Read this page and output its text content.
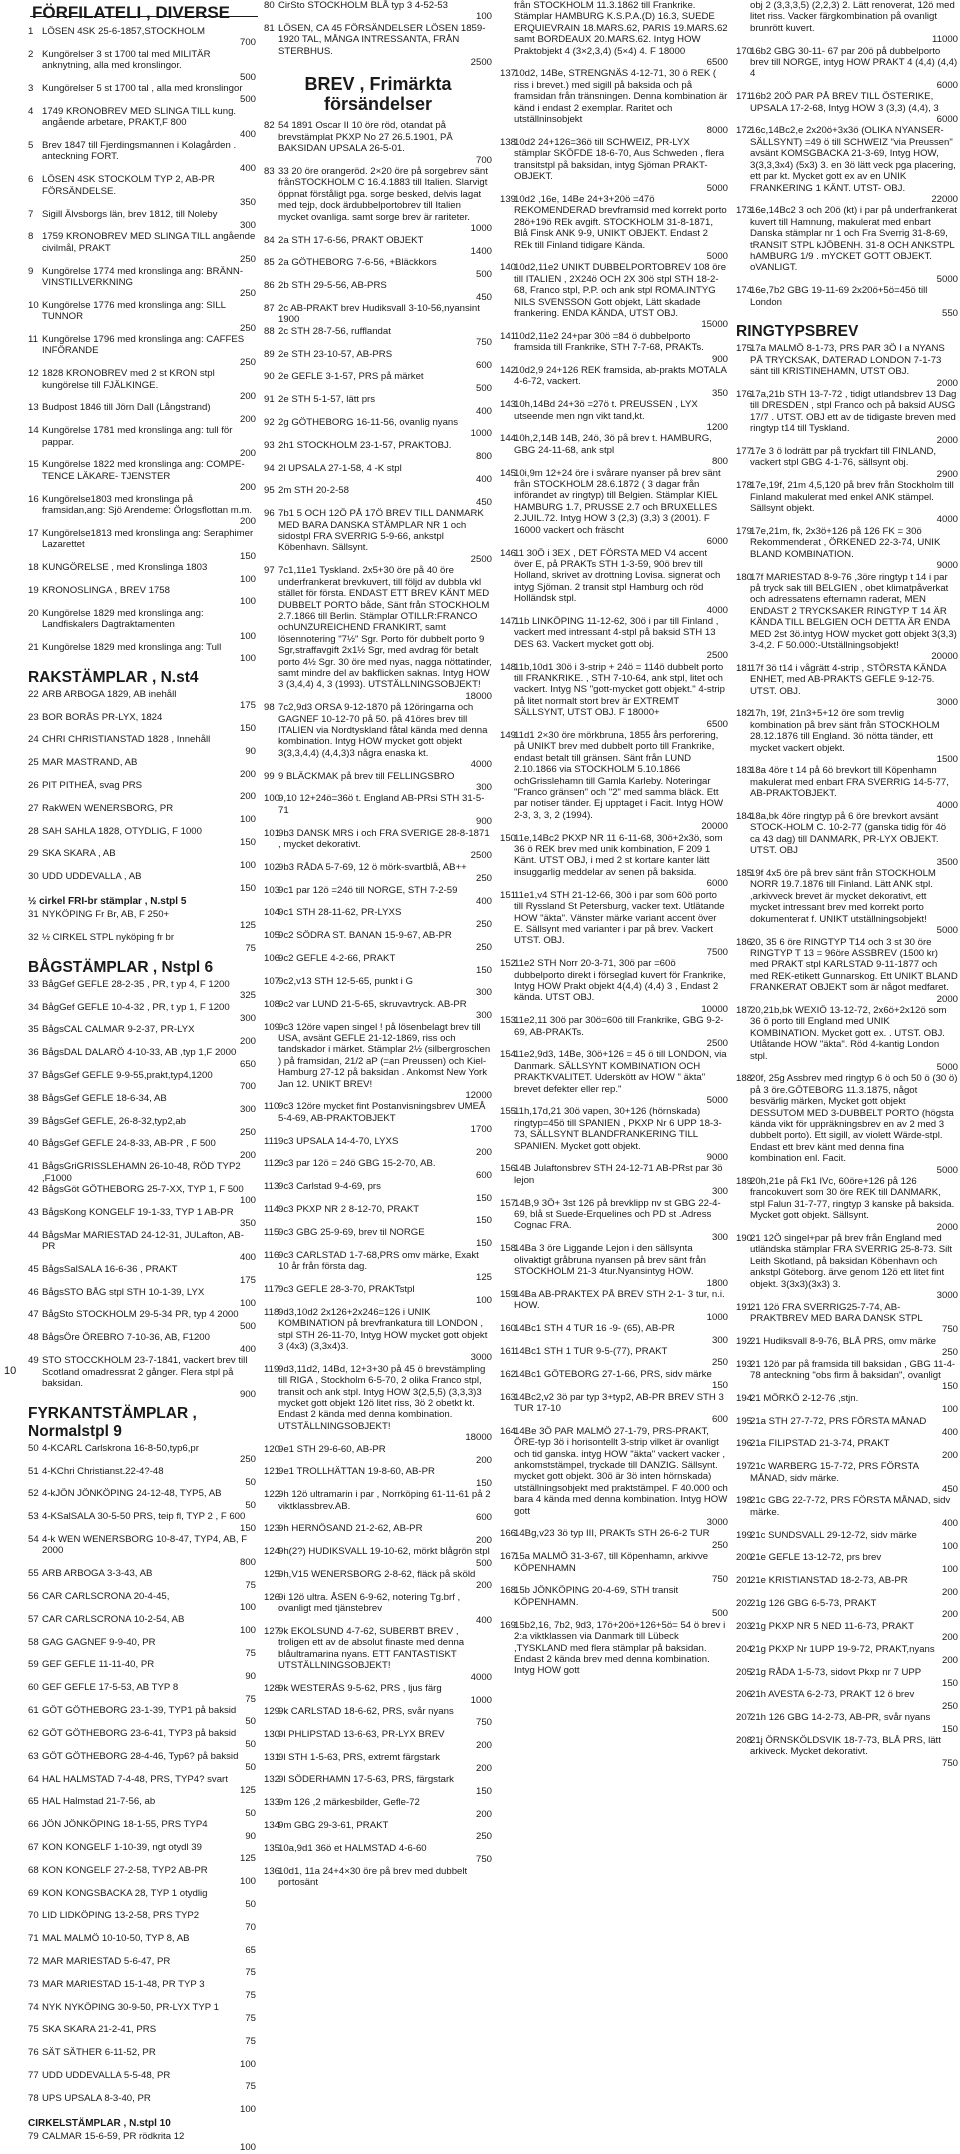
FÖRFILATELI , DIVERSE
1 LÖSEN 4SK 25-6-1857,STOCKHOLM
700
2 Kungörelser 3 st 1700 tal med MILITÄR anknytning, alla med kronslingor.
500
3 Kungörelser 5 st 1700 tal , alla med kronslingor
500
4 1749 KRONOBREV MED SLINGA TILL kung. angående arbetare, PRAKT,F 800
400
5 Brev 1847 till Fjerdingsmannen i Kolagården . anteckning FORT.
400
6 LÖSEN 4SK STOCKOLM TYP 2, AB-PR FÖRSÄNDELSE.
350
7 Sigill Älvsborgs län, brev 1812, till Noleby
300
8 1759 KRONOBREV MED SLINGA TILL angående civilmål, PRAKT
250
9 Kungörelse 1774 med kronslinga ang: BRÄNN-VINSTILLVERKNING
250
10 Kungörelse 1776 med kronslinga ang: SILL TUNNOR
250
11 Kungörelse 1796 med kronslinga ang: CAFFES INFÖRANDE
250
12 1828 KRONOBREV med 2 st KRON stpl kungörelse till FJÄLKINGE.
200
13 Budpost 1846 till Jörn Dall (Långstrand)
200
14 Kungörelse 1781 med kronslinga ang: tull för pappar.
200
15 Kungörelse 1822 med kronslinga ang: COMPE-TENCE LÄKARE- TJENSTER
200
16 Kungörelse1803 med kronslinga på framsidan,ang: Sjö Arendeme: Örlogsflottan m.m.
200
17 Kungörelse1813 med kronslinga ang: Seraphimer Lazarettet
150
18 KUNGÖRELSE , med Kronslinga 1803
100
19 KRONOSLINGA , BREV 1758
100
20 Kungörelse 1829 med kronslinga ang: Landfiskalers Dagtraktamenten
100
21 Kungörelse 1829 med kronslinga ang: Tull
100
RAKSTÄMPLAR , N.st4
22 ARB ARBOGA 1829, AB inehåll
175
23 BOR BORÅS PR-LYX, 1824
150
24 CHRI CHRISTIANSTAD 1828 , Innehåll
90
25 MAR MASTRAND, AB
200
26 PIT PITHEÅ, svag PRS
200
27 RakWEN WENERSBORG, PR
100
28 SAH SAHLA 1828, OTYDLIG, F 1000
150
29 SKA SKARA , AB
100
30 UDD UDDEVALLA , AB
150
½ cirkel FRI-br stämplar , N.stpl 5
31 NYKÖPING Fr Br, AB, F 250+
125
32 ½ CIRKEL STPL nyköping fr br
75
BÅGSTÄMPLAR , Nstpl 6
33 BågGef GEFLE 28-2-35 , PR, t yp 4, F 1200
325
34 BågGef GEFLE 10-4-32 , PR, t yp 1, F 1200
300
35 BågsCAL CALMAR 9-2-37, PR-LYX
200
36 BågsDAL DALARÖ 4-10-33, AB ,typ 1,F 2000
650
37 BågsGef GEFLE 9-9-55,prakt,typ4,1200
700
38 BågsGef GEFLE 18-6-34, AB
300
39 BågsGef GEFLE, 26-8-32,typ2,ab
250
40 BågsGef GEFLE 24-8-33, AB-PR , F 500
200
41 BågsGriGRISSLEHAMN 26-10-48, RÖD TYP2 ,F1000
42 BågsGöt GÖTHEBORG 25-7-XX, TYP 1, F 500
100
43 BågsKong KONGELF 19-1-33, TYP 1 AB-PR
350
44 BågsMar MARIESTAD 24-12-31, JULafton, AB-PR
400
45 BågsSalSALA 16-6-36 , PRAKT
175
46 BågsSTO BÅG stpl STH 10-1-39, LYX
100
47 BågSto STOCKHOLM 29-5-34 PR, typ 4 2000
500
48 BågsÖre ÖREBRO 7-10-36, AB, F1200
400
49 STO STOCCKHOLM 23-7-1841, vackert brev till Scotland omadressrat 2 gånger. Flera stpl på baksidan.
900
FYRKANTSTÄMPLAR , Normalstpl 9
50 4-KCARL Carlskrona 16-8-50,typ6,pr
250
51 4-KChri Christianst.22-4?-48
50
52 4-kJÖN JÖNKÖPING 24-12-48, TYP5, AB
50
53 4-KSalSALA 30-5-50 PRS, teip fl, TYP 2 , F 600
150
54 4-k WEN WENERSBORG 10-8-47, TYP4, AB, F 2000
800
55 ARB ARBOGA 3-3-43, AB
75
56 CAR CARLSCRONA 20-4-45,
100
57 CAR CARLSCRONA 10-2-54, AB
100
58 GAG GAGNEF 9-9-40, PR
75
59 GEF GEFLE 11-11-40, PR
90
60 GEF GEFLE 17-5-53, AB TYP 8
75
61 GÖT GÖTHEBORG 23-1-39, TYP1 på baksid
50
62 GÖT GÖTHEBORG 23-6-41, TYP3 på baksid
50
63 GÖT GÖTHEBORG 28-4-46, Typ6? på baksid
50
64 HAL HALMSTAD 7-4-48, PRS, TYP4? svart
125
65 HAL Halmstad 21-7-56, ab
50
66 JÖN JÖNKÖPING 18-1-55, PRS TYP4
90
67 KON KONGELF 1-10-39, ngt otydl 39
125
68 KON KONGELF 27-2-58, TYP2 AB-PR
100
69 KON KONGSBACKA 28, TYP 1 otydlig
50
70 LID LIDKÖPING 13-2-58, PRS TYP2
70
71 MAL MALMÖ 10-10-50, TYP 8, AB
65
72 MAR MARIESTAD 5-6-47, PR
75
73 MAR MARIESTAD 15-1-48, PR TYP 3
75
74 NYK NYKÖPING 30-9-50, PR-LYX TYP 1
75
75 SKA SKARA 21-2-41, PRS
75
76 SÄT SÄTHER 6-11-52, PR
100
77 UDD UDDEVALLA 5-5-48, PR
75
78 UPS UPSALA 8-3-40, PR
100
CIRKELSTÄMPLAR , N.stpl 10
79 CALMAR 15-6-59, PR rödkrita 12
100
80 CirSto STOCKHOLM BLÅ typ 3 4-52-53
100
81 LÖSEN, CA 45 FÖRSÄNDELSER LÖSEN 1859-1920 TAL, MÅNGA INTRESSANTA, FRÅN STERBHUS.
2500
BREV , Frimärkta försändelser
82 54 1891 Oscar II 10 öre röd, otandat på brevstämplat PKXP No 27 26.5.1901, PÅ BAKSIDAN UPSALA 26-5-01.
700
83 33 20 öre orangeröd. 2×20 öre på sorgebrev sänt frånSTOCKHOLM C 16.4.1883 till Italien. Slarvigt öppnat förståligt pga. sorge besked, delvis lagat med tejp, dock ärdubbelportobrev till Italien mycket ovanliga. samt sorge brev är rariteter.
1000
84 2a STH 17-6-56, PRAKT OBJEKT
1400
85 2a GÖTHEBORG 7-6-56, +Bläckkors
500
86 2b STH 29-5-56, AB-PRS
450
87 2c AB-PRAKT brev Hudiksvall 3-10-56,nyansint 1900
88 2c STH 28-7-56, rufflandat
750
89 2e STH 23-10-57, AB-PRS
600
90 2e GEFLE 3-1-57, PRS på märket
500
91 2e STH 5-1-57, lätt prs
400
92 2g GÖTHEBORG 16-11-56, ovanlig nyans
1000
93 2h1 STOCKHOLM 23-1-57, PRAKTOBJ.
800
94 2l UPSALA 27-1-58, 4 -K stpl
400
95 2m STH 20-2-58
450
96 7b1 5 OCH 12Ö PÅ 17Ö BREV TILL DANMARK MED BARA DANSKA STÄMPLAR NR 1 och sidostpl FRA SVERRIG 5-9-66, ankstpl Köbenhavn. Sällsynt.
2500
97 7c1,11e1 Tyskland. 2x5+30 öre på 40 öre underfrankerat brevkuvert, till följd av dubbla vkl stället för första. ENDAST ETT BREV KÄNT MED DUBBELT PORTO både, Sänt från STOCKHOLM 2.7.1866 till Berlin. Stämplar OTILLR:FRANCO ochUNZUREICHEND FRANKIRT, samt lösennotering "7½" Sgr. Porto för dubbelt porto 9 Sgr,straffavgift 2x1½ Sgr, med avdrag för betalt porto 4½ Sgr. 30 öre med nyas, nagga nöttatinder, samt mindre del av bakflicken saknas. Intyg HOW 3 (3,4,4) 4, 3 (1993). UTSTÄLLNINGSOBJEKT!
18000
98 7c2,9d3 ORSA 9-12-1870 på 12öringarna och GAGNEF 10-12-70 på 50. på 41öres brev till ITALIEN via Nordtyskland fåtal kända med denna kombination. Intyg HOW mycket gott objekt 3(3,3,4,4) (4,4,3)3 några enaska kt.
4000
99 9 BLÄCKMAK på brev till FELLINGSBRO
300
100
9,10 12+24ö=36ö t. England AB-PRsi STH 31-5-71
900
101
9b3 DANSK MRS i och FRA SVERIGE 28-8-1871 , mycket dekorativt.
2500
102
9b3 RÅDA 5-7-69, 12 ö mörk-svartblå, AB++
250
103
9c1 par 12ö =24ö till NORGE, STH 7-2-59
400
104
9c1 STH 28-11-62, PR-LYXS
250
105
9c2 SÖDRA ST. BANAN 15-9-67, AB-PR
250
106
9c2 GEFLE 4-2-66, PRAKT
150
107
9c2,v13 STH 12-5-65, punkt i G
300
108
9c2 var LUND 21-5-65, skruvavtryck. AB-PR
300
109
9c3 12öre vapen singel ! på lösenbelagt brev till USA, avsänt GEFLE 21-12-1869, riss och tandskador i märket. Stämplar 2½ (silbergroschen ) på framsidan, 21/2 aP (=an Preussen) och Kiel-Hamburg 27-12 på baksidan . Ankomst New York Jan 12. UNIKT BREV!
12000
110
9c3 12öre mycket fint Postanvisningsbrev UMEÅ 5-4-69, AB-PRAKTOBJEKT
1700
111 9c3 UPSALA 14-4-70, LYXS
200
112
9c3 par 12ö = 24ö GBG 15-2-70, AB.
600
113
9c3 Carlstad 9-4-69, prs
150
114
9c3 PKXP NR 2 8-12-70, PRAKT
150
115
9c3 GBG 25-9-69, brev til NORGE
150
116
9c3 CARLSTAD 1-7-68,PRS omv märke, Exakt 10 år från första dag.
125
117
9c3 GEFLE 28-3-70, PRAKTstpl
100
118
9d3,10d2 2x126+2x246=126 i UNIK KOMBINATION på brevfrankatura till LONDON , stpl STH 26-11-70, Intyg HOW mycket gott objekt 3 (4x3) (3,3x4)3.
3000
119
9d3,11d2, 14Bd, 12+3+30 på 45 ö brevstämpling till RIGA , Stockholm 6-5-70, 2 olika Franco stpl, transit och ank stpl. Intyg HOW 3(2,5,5) (3,3,3)3 mycket gott objekt 12ö litet riss, 3ö 2 obetkt kt. Endast 2 kända med denna kombination. UTSTÄLLNINGSOBJEKT!
18000
120
9e1 STH 29-6-60, AB-PR
200
121
9e1 TROLLHÄTTAN 19-8-60, AB-PR
150
122
9h 12ö ultramarin i par , Norrköping 61-11-61 på 2 viktklassbrev.AB.
600
123
9h HERNÖSAND 21-2-62, AB-PR
200
124
9h(2?) HUDIKSVALL 19-10-62, mörkt blågrön stpl
500
125
9h,V15 WENERSBORG 2-8-62, fläck på sköld
200
126
9i 12ö ultra. ÅSEN 6-9-62, notering Tg.brf , ovanligt med tjänstebrev
400
127
9k EKOLSUND 4-7-62, SUBERBT BREV , troligen ett av de absolut finaste med denna blåultramarina nyans. ETT FANTASTISKT UTSTÄLLNINGSOBJEKT!
4000
128
9k WESTERÅS 9-5-62, PRS , ljus färg
1000
129
9k CARLSTAD 18-6-62, PRS, svår nyans
750
130
9l PHLIPSTAD 13-6-63, PR-LYX BREV
200
131
9l STH 1-5-63, PRS, extremt färgstark
200
132
9l SÖDERHAMN 17-5-63, PRS, färgstark
150
133
9m 126 ,2 märkesbilder, Gefle-72
200
134
9m GBG 29-3-61, PRAKT
250
135
10a,9d1 36ö et HALMSTAD 4-6-60
750
136
10d1, 11a 24+4×30 öre på brev med dubbelt portosänt
från STOCKHOLM 11.3.1862 till Frankrike. Stämplar HAMBURG K.S.P.A.(D) 16.3, SUEDE ERQUIEVRAIN 18.MARS.62, PARIS 19.MARS.62 samt BORDEAUX 20.MARS.62. Intyg HOW Praktobjekt 4 (3×2,3,4) (5×4) 4. F 18000
6500
137
10d2, 14Be, STRENGNÄS 4-12-71, 30 ö REK ( riss i brevet.) med sigill på baksida och på framsidan från tränsningen. Denna kombination är känd i endast 2 exemplar. Raritet och utställninsobjekt
8000
138
10d2 24+126=36ö till SCHWEIZ, PR-LYX stämplar SKÖFDE 18-6-70, Aus Schweden , flera transitstpl på baksidan, intyg Sjöman PRAKT-OBJEKT.
5000
139
10d2 ,16e, 14Be 24+3+20ö =47ö REKOMENDERAD brevframsid med korrekt porto 28ö+19ö REk avgift. STOCKHOLM 31-8-1871, Blå Finsk ANK 9-9, UNIKT OBJEKT. Endast 2 REk till Finland tidigare Kända.
5000
140
10d2,11e2 UNIKT DUBBELPORTOBREV 108 öre till ITALIEN , 2X24ö OCH 2X 30ö stpl STH 18-2-68, Franco stpl, P.P. och ank stpl ROMA.INTYG NILS SVENSSON Gott objekt, Lätt skadade frankering. ENDA KÄNDA, UTST OBJ.
15000
141
10d2,11e2 24+par 30ö =84 ö dubbelporto framsida till Frankrike, STH 7-7-68, PRAKTs.
900
142
10d2,9 24+126 REK framsida, ab-prakts MOTALA 4-6-72, vackert.
350
143
10h,14Bd 24+3ö =27ö t. PREUSSEN , LYX utseende men ngn vikt tand,kt.
1200
144
10h,2,14B 14B, 24ö, 3ö på brev t. HAMBURG, GBG 24-11-68, ank stpl
800
145
10i,9m 12+24 öre i svårare nyanser på brev sänt från STOCKHOLM 28.6.1872 ( 3 dagar från införandet av ringtyp) till Belgien. Stämplar KIEL HAMBURG 1.7, PRUSSE 2.7 och BRUXELLES 2.JUIL.72. Intyg HOW 3 (2,3) (3,3) 3 (2001). F 16000 vackert och fräscht
6000
146
11 30Ö i 3EX , DET FÖRSTA MED V4 accent över E, på PRAKTs STH 1-3-59, 90ö brev till Holland, skrivet av drottning Lovisa. signerat och intyg Sjöman. 2 transit stpl Hamburg och röd Holländsk stpl.
4000
147
11b LINKÖPING 11-12-62, 30ö i par till Finland , vackert med intressant 4-stpl på baksid STH 13 DES 63. Vackert mycket gott obj.
2500
148
11b,10d1 30ö i 3-strip + 24ö = 114ö dubbelt porto till FRANKRIKE. , STH 7-10-64, ank stpl, litet och vackert. Intyg NS "gott-mycket gott objekt." 4-strip på litet normalt stort brev är EXTREMT SÄLLSYNT, UTST OBJ. F 18000+
6500
149
11d1 2×30 öre mörkbruna, 1855 års perforering, på UNIKT brev med dubbelt porto till Frankrike, endast betalt till gränsen. Sänt från LUND 2.10.1866 via STOCKHOLM 5.10.1866 ochGrisslehamn till Gamla Karleby. Noteringar "Franco gränsen" och "2" med samma bläck. Ett par notiser tänder. Ej upptaget i Facit. Intyg HOW 2-3, 3, 3, 2 (1994).
20000
150
11e,14Bc2 PKXP NR 11 6-11-68, 30ö+2x3ö, som 36 ö REK brev med unik kombination, F 209 1 Känt. UTST OBJ, i med 2 st kortare kanter lätt insuggarlig meddelar av senen på baksida.
6000
151
11e1,v4 STH 21-12-66, 30ö i par som 60ö porto till Ryssland St Petersburg, vacker text. Utlätande HOW "äkta". Vänster märke variant accent över E. Sällsynt med varianter i par på brev. Vackert UTST. OBJ.
7500
152
11e2 STH Norr 20-3-71, 30ö par =60ö dubbelporto direkt i förseglad kuvert för Frankrike, Intyg HOW Prakt objekt 4(4,4) (4,4) 3 , Endast 2 kända. UTST OBJ.
10000
153
11e2,11 30ö par 30ö=60ö till Frankrike, GBG 9-2-69, AB-PRAKTs.
2500
154
11e2,9d3, 14Be, 30ö+126 = 45 ö till LONDON, via Danmark. SÄLLSYNT KOMBINATION OCH PRAKTKVALITET. Uderskött av HOW " äkta" brevet defekter eller rep."
5000
155
11h,17d,21 30ö vapen, 30+126 (hörnskada) ringtyp=45ö till SPANIEN , PKXP Nr 6 UPP 18-3-73, SÄLLSYNT BLANDFRANKERING TILL SPANIEN. Mycket gott objekt.
9000
156
14B Julaftonsbrev STH 24-12-71 AB-PRst par 3ö lejon
300
157
14B,9 3Ö+ 3st 126 på brevklipp nv st GBG 22-4-69, blå st Suede-Erquelines och PD st .Adress Cognac FRA.
300
158
14Ba 3 öre Liggande Lejon i den sällsynta olivaktigt gråbruna nyansen på brev sänt från STOCKHOLM 21-3 4tur.Nyansintyg HOW.
1800
159
14Ba AB-PRAKTEX PÅ BREV STH 2-1- 3 tur, n.i. HOW.
1000
160
14Bc1 STH 4 TUR 16 -9- (65), AB-PR
300
161
14Bc1 STH 1 TUR 9-5-(77), PRAKT
250
162
14Bc1 GÖTEBORG 27-1-66, PRS, sidv märke
150
163
14Bc2,v2 3ö par typ 3+typ2, AB-PR BREV STH 3 TUR 17-10
600
164
14Be 3Ö PAR MALMÖ 27-1-79, PRS-PRAKT, ÖRE-typ 3ö i horisontellt 3-strip vilket är ovanligt och tid ganska. intyg HOW "äkta" vackert vacker , ankomststämpel, tryckade till DANZIG. Sällsynt. mycket gott objekt. 30ö är 3ö inten hörnskada) utställningsobjekt med praktstämpel. F 40.000 och bara 4 kända med denna kombination. Intyg HOW gott
3000
166
14Bg,v23 3ö typ III, PRAKTs STH 26-6-2 TUR
250
167
15a MALMÖ 31-3-67, till Köpenhamn, arkivve KÖPENHAMN
750
168
15b JÖNKÖPING 20-4-69, STH transit KÖPENHAMN.
500
169
15b2,16, 7b2, 9d3, 17ö+20ö+126+5ö= 54 ö brev i 2:a viktklassen via Danmark till Lübeck ,TYSKLAND med flera stämplar på baksidan. Endast 2 kända brev med denna kombination. Intyg HOW gott
obj 2 (3,3,3,5) (2,2,3) 2. Lätt renoverat, 12ö med litet riss. Vacker färgkombination på ovanligt brunrött kuvert.
11000
170
16b2 GBG 30-11- 67 par 20ö på dubbelporto brev till NORGE, intyg HOW PRAKT 4 (4,4) (4,4) 4
6000
171
16b2 20Ö PAR PÅ BREV TILL ÖSTERIKE, UPSALA 17-2-68, Intyg HOW 3 (3,3) (4,4), 3
6000
172
16c,14Bc2,e 2x20ö+3x3ö (OLIKA NYANSER-SÄLLSYNT) =49 ö till SCHWEIZ "via Preussen" avsänt KOMSGBACKA 21-3-69, Intyg HOW, 3(3,3,3x4) (5x3) 3. en 3ö lätt veck pga placering, ett par kt. Mycket gott ex av en UNIK FRANKERING 1 KÄNT. UTST- OBJ.
22000
173
16e,14Bc2 3 och 20ö (kt) i par på underfrankerat kuvert till Hamnung, makulerat med enbart Danska stämplar nr 1 och Fra Sverrig 31-8-69, tRANSIT STPL kJÖBENH. 31-8 OCH ANKSTPL hAMBURG 1/9 . mYCKET GOTT OBJEKT. oVANLIGT.
5000
174
16e,7b2 GBG 19-11-69 2x20ö+5ö=45ö till London
550
RINGTYPSBREV
175
17a MALMÖ 8-1-73, PRS PAR 3Ö I a NYANS PÅ TRYCKSAK, DATERAD LONDON 7-1-73 sänt till KRISTINEHAMN, UTST OBJ.
2000
176
17a,21b STH 13-7-72 , tidigt utlandsbrev 13 Dag till DRESDEN , stpl Franco och på baksid AUSG 17/7 . UTST. OBJ ett av de tidigaste breven med ringtyp t14 till Tyskland.
2000
177
17e 3 ö lodrätt par på tryckfart till FINLAND, vackert stpl GBG 4-1-76, sällsynt obj.
2900
178
17e,19f, 21m 4,5,120 på brev från Stockholm till Finland makulerat med enkel ANK stämpel. Sällsynt objekt.
4000
179
17e,21m, fk, 2x3ö+126 på 126 FK = 30ö Rekommenderat , ÖRKENED 22-3-74, UNIK BLAND KOMBINATION.
9000
180
17f MARIESTAD 8-9-76 ,3öre ringtyp t 14 i par på tryck sak till BELGIEN , obet klimatpåverkat och adressatens efternamn raderat, MEN ENDAST 2 TRYCKSAKER RINGTYP T 14 ÄR KÄNDA TILL BELGIEN OCH DETTA ÄR ENDA MED 2st 3ö.intyg HOW mycket gott objekt 3(3,3) 3-4,2. F 50.000:-Utställningsobjekt!
20000
181
17f 3ö t14 i vågrätt 4-strip , STÖRSTA KÄNDA ENHET, med AB-PRAKTS GEFLE 9-12-75. UTST. OBJ.
3000
182
17h, 19f, 21n3+5+12 öre som trevlig kombination på brev sänt från STOCKHOLM 28.12.1876 till England. 3ö nötta tänder, ett mycket vackert objekt.
1500
183
18a 4öre t 14 på 6ö brevkort till Köpenhamn makulerat med enbart FRA SVERRIG 14-5-77, AB-PRAKTOBJEKT.
4000
184
18a,bk 4öre ringtyp på 6 öre brevkort avsänt STOCK-HOLM C. 10-2-77 (ganska tidig för 4ö ca 43 dag) till DANMARK, PR-LYX OBJEKT. UTST. OBJ
3500
185
19f 4x5 öre på brev sänt från STOCKHOLM NORR 19.7.1876 till Finland. Lätt ANK stpl. ,arkivveck brevet är mycket dekorativt, ett mycket intressant brev med korrekt porto dokumenterat f. UNIKT utställningsobjekt!
5000
186
20, 35 6 öre RINGTYP T14 och 3 st 30 öre RINGTYP T 13 = 96öre ASSBREV (1500 kr) med PRAKT stpl KARLSTAD 9-11-1877 och med REK-etikett Gunnarskog. Ett UNIKT BLAND FRANKERAT OBJEKT som är något medfaret.
2000
187
20,21b,bk WEXIÖ 13-12-72, 2x6ö+2x12ö som 36 ö porto till England med UNIK KOMBINATION. Mycket gott ex. . UTST. OBJ. Utlåtande HOW "äkta". Röd 4-kantig London stpl.
5000
188
20f, 25g Assbrev med ringtyp 6 ö och 50 ö (30 ö) på 3 öre.GÖTEBORG 11.3.1875, något besvärlig märken, Mycket gott objekt DESSUTOM MED 3-DUBBELT PORTO (högsta kända vikt för uppräkningsbrev en av 2 med 3 dubbelt porto). Ett sigill, av violett Wärde-stpl. Endast ett brev känt med denna fina kombination enl. Facit.
5000
189
20h,21e på Fk1 IVc, 60öre+126 på 126 francokuvert som 30 öre REK till DANMARK, stpl Falun 31-7-77, ringtyp 3 kanske på baksida. Mycket gott objekt. Sällsynt.
2000
190
21 12Ö singel+par på brev från England med utländska stämplar FRA SVERRIG 25-8-73. Silt Leith Skotland, på baksidan Köbenhavn och ankstpl Göteborg. ärve genom 12ö ett litet fint objekt. 3(3x3)(3x3) 3.
3000
191
21 12ö FRA SVERRIG25-7-74, AB-PRAKTBREV MED BARA DANSK STPL
750
192
21 Hudiksvall 8-9-76, BLÅ PRS, omv märke
250
193
21 12ö par på framsida till baksidan , GBG 11-4-78 anteckning "obs firm å baksidan", ovanligt
150
194
21 MÖRKÖ 2-12-76 ,stjn.
100
195
21a STH 27-7-72, PRS FÖRSTA MÅNAD
400
196
21a FILIPSTAD 21-3-74, PRAKT
200
197
21c WARBERG 15-7-72, PRS FÖRSTA MÅNAD, sidv märke.
450
198
21c GBG 22-7-72, PRS FÖRSTA MÅNAD, sidv märke.
400
199
21c SUNDSVALL 29-12-72, sidv märke
100
200
21e GEFLE 13-12-72, prs brev
100
201
21e KRISTIANSTAD 18-2-73, AB-PR
200
202
21g 126 GBG 6-5-73, PRAKT
200
203
21g PKXP NR 5 NED 11-6-73, PRAKT
200
204
21g PKXP Nr 1UPP 19-9-72, PRAKT,nyans
200
205
21g RÅDA 1-5-73, sidovt Pkxp nr 7 UPP
150
206
21h AVESTA 6-2-73, PRAKT 12 ö brev
250
207
21h 126 GBG 14-2-73, AB-PR, svår nyans
150
208
21j ÖRNSKÖLDSVIK 18-7-73, BLÅ PRS, lätt arkiveck. Mycket dekorativt.
750
10
